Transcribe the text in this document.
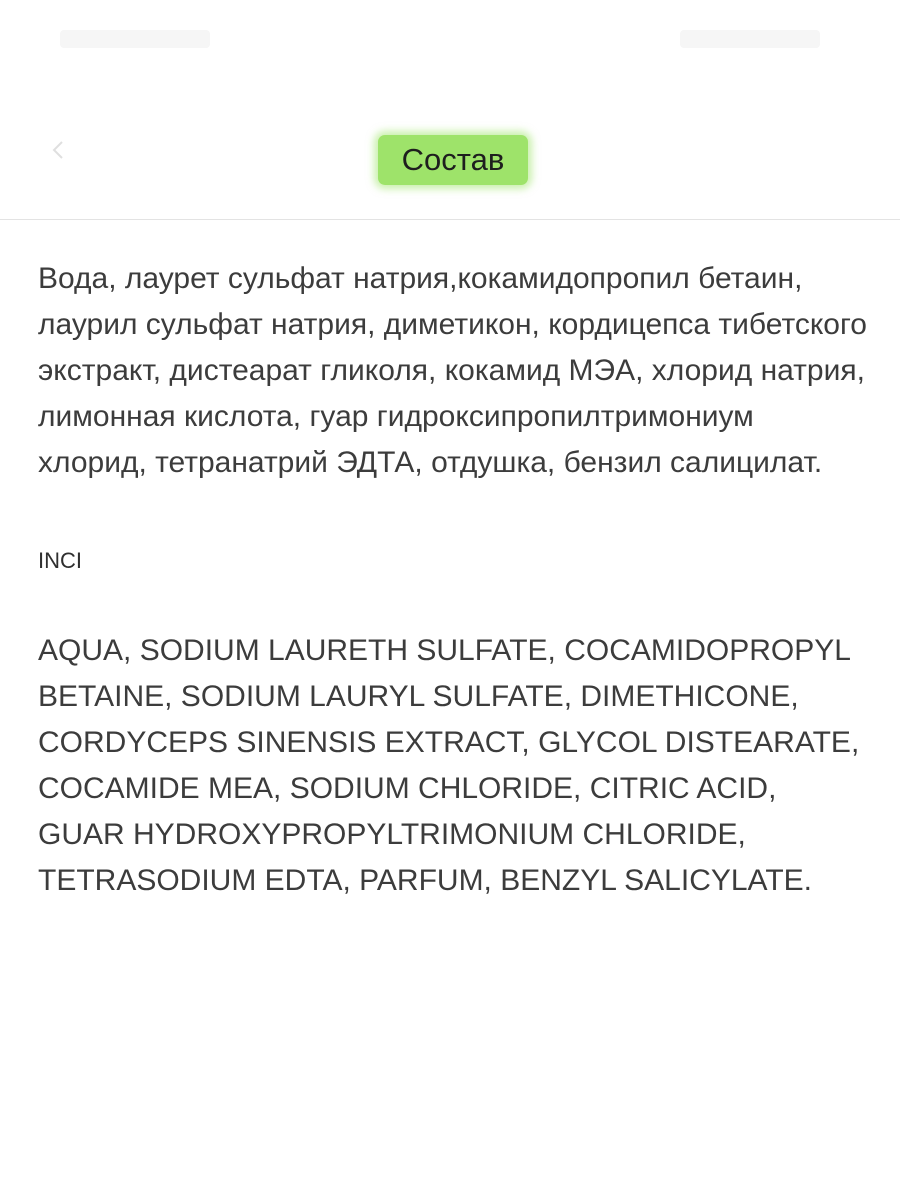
Состав

Вода, лаурет сульфат натрия,кокамидопропил бетаин, лаурил сульфат натрия, диметикон, кордицепса тибетского экстракт, дистеарат гликоля, кокамид МЭА, хлорид натрия, лимонная кислота, гуар гидроксипропилтримониум хлорид, тетранатрий ЭДТА, отдушка, бензил салицилат.

INCI

AQUA, SODIUM LAURETH SULFATE, COCAMIDOPROPYL BETAINE, SODIUM LAURYL SULFATE, DIMETHICONE, CORDYCEPS SINENSIS EXTRACT, GLYCOL DISTEARATE, COCAMIDE MEA, SODIUM CHLORIDE, CITRIC ACID, GUAR HYDROXYPROPYLTRIMONIUM CHLORIDE, TETRASODIUM EDTA, PARFUM, BENZYL SALICYLATE.
